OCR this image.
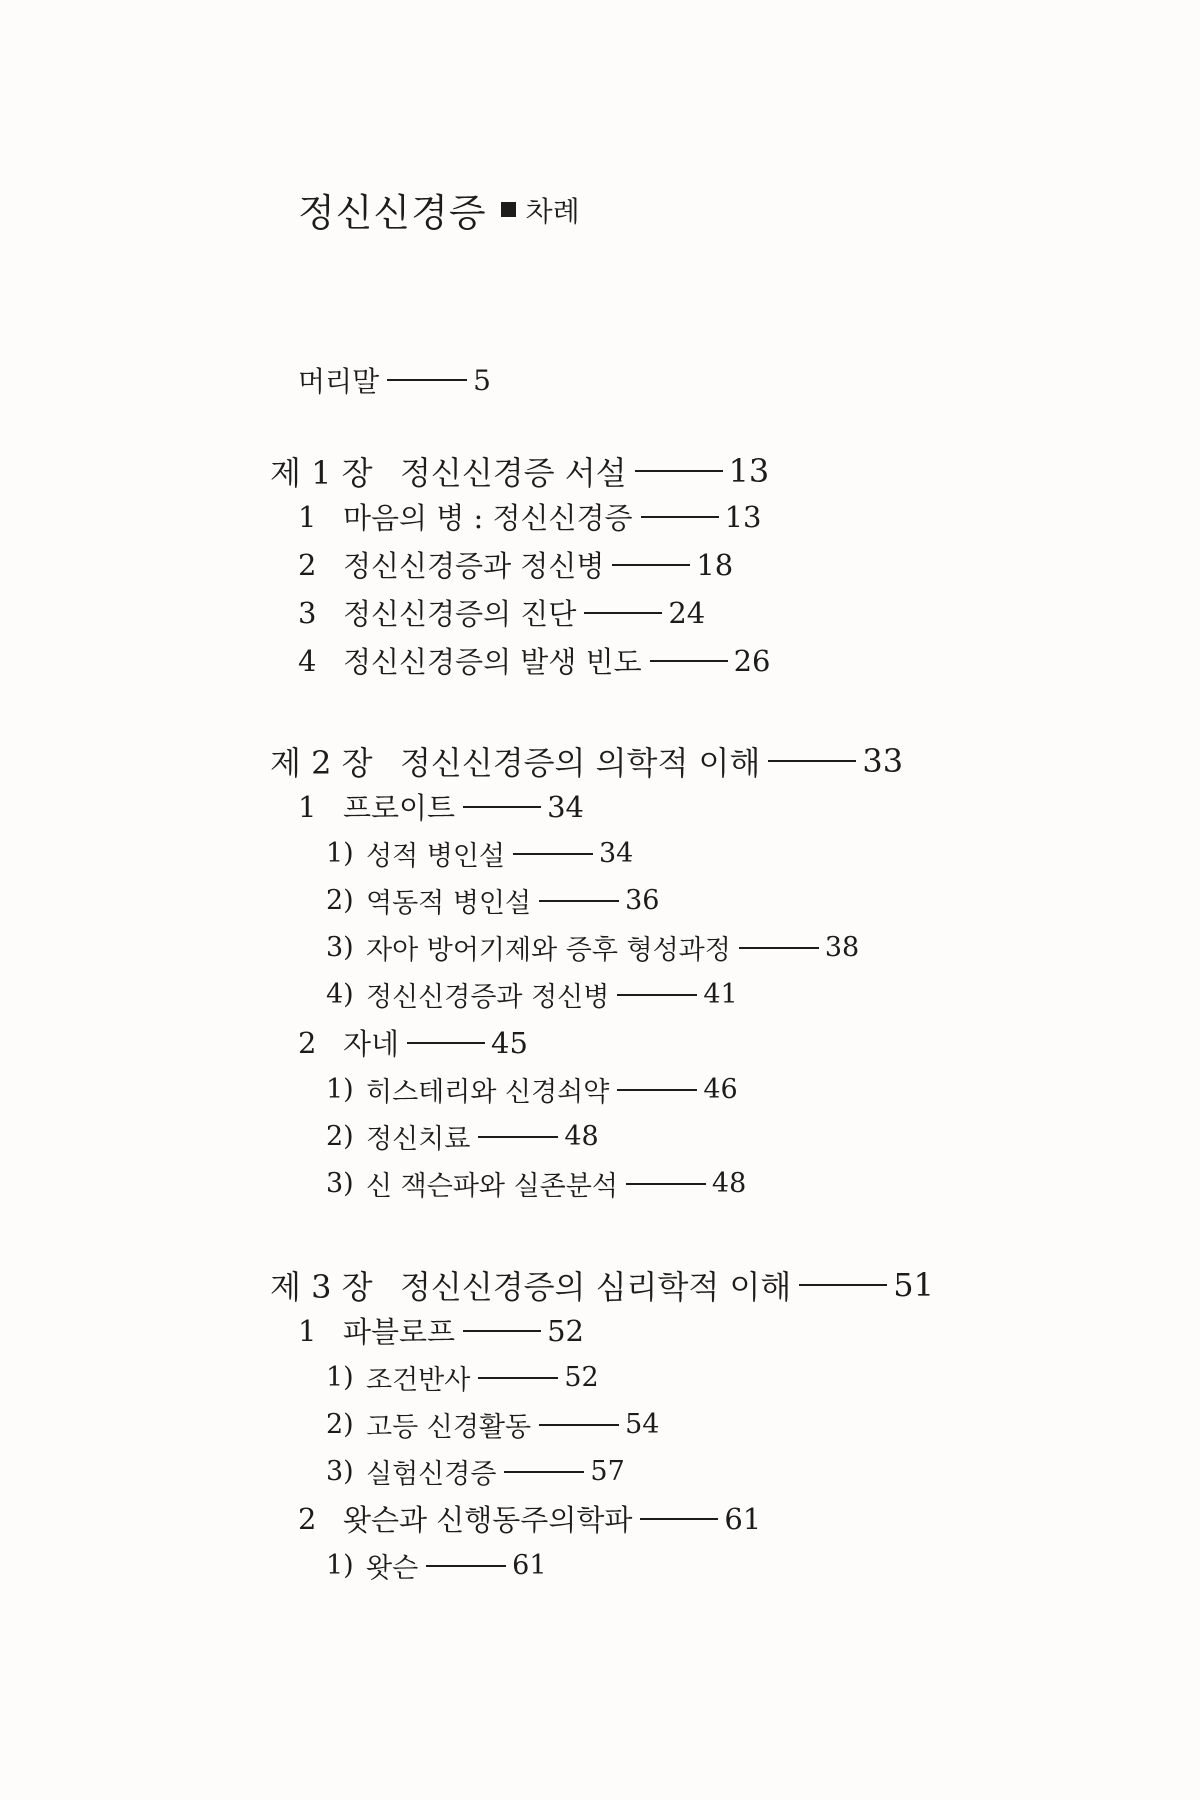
정신신경증 차례
머리말	5
제 1 장 정신신경증 서설	13
1 마음의 병 : 정신신경증	13
2 정신신경증과 정신병	18
3 정신신경증의 진단	24
4 정신신경증의 발생 빈도	26
제 2 장 정신신경증의 의학적 이해	33
1 프로이트	34
1) 성적 병인설	34
2) 역동적 병인설	36
3) 자아 방어기제와 증후 형성과정	38
4) 정신신경증과 정신병	41
2 자네	45
1) 히스테리와 신경쇠약	46
2) 정신치료	48
3) 신 잭슨파와 실존분석	48
제 3 장 정신신경증의 심리학적 이해	51
1 파블로프	52
1) 조건반사	52
2) 고등 신경활동	54
3) 실험신경증	57
2 왓슨과 신행동주의학파	61
1) 왓슨	61
